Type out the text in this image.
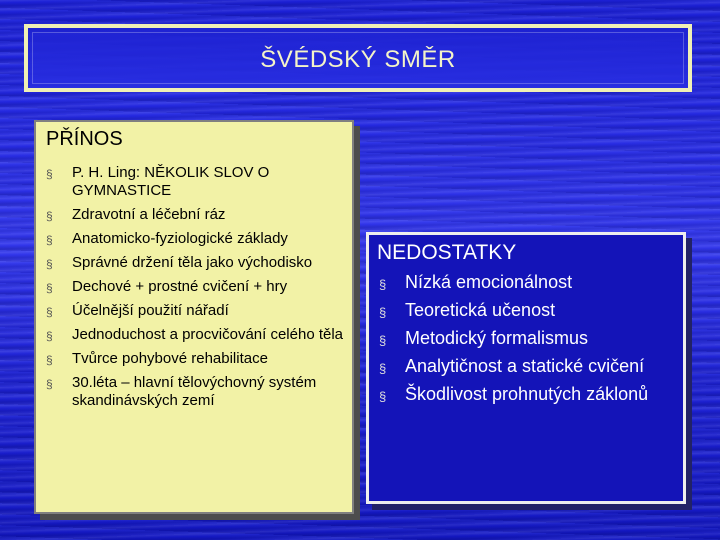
ŠVÉDSKÝ SMĚR
PŘÍNOS
§ P. H. Ling: NĚKOLIK SLOV O GYMNASTICE
§ Zdravotní a léčební ráz
§ Anatomicko-fyziologické základy
§ Správné držení těla jako východisko
§ Dechové + prostné cvičení + hry
§ Účelnější použití nářadí
§ Jednoduchost a procvičování celého těla
§ Tvůrce pohybové rehabilitace
§ 30.léta – hlavní tělovýchovný systém skandinávských zemí
NEDOSTATKY
§ Nízká emocionálnost
§ Teoretická učenost
§ Metodický formalismus
§ Analytičnost a statické cvičení
§ Škodlivost prohnutých záklonů
